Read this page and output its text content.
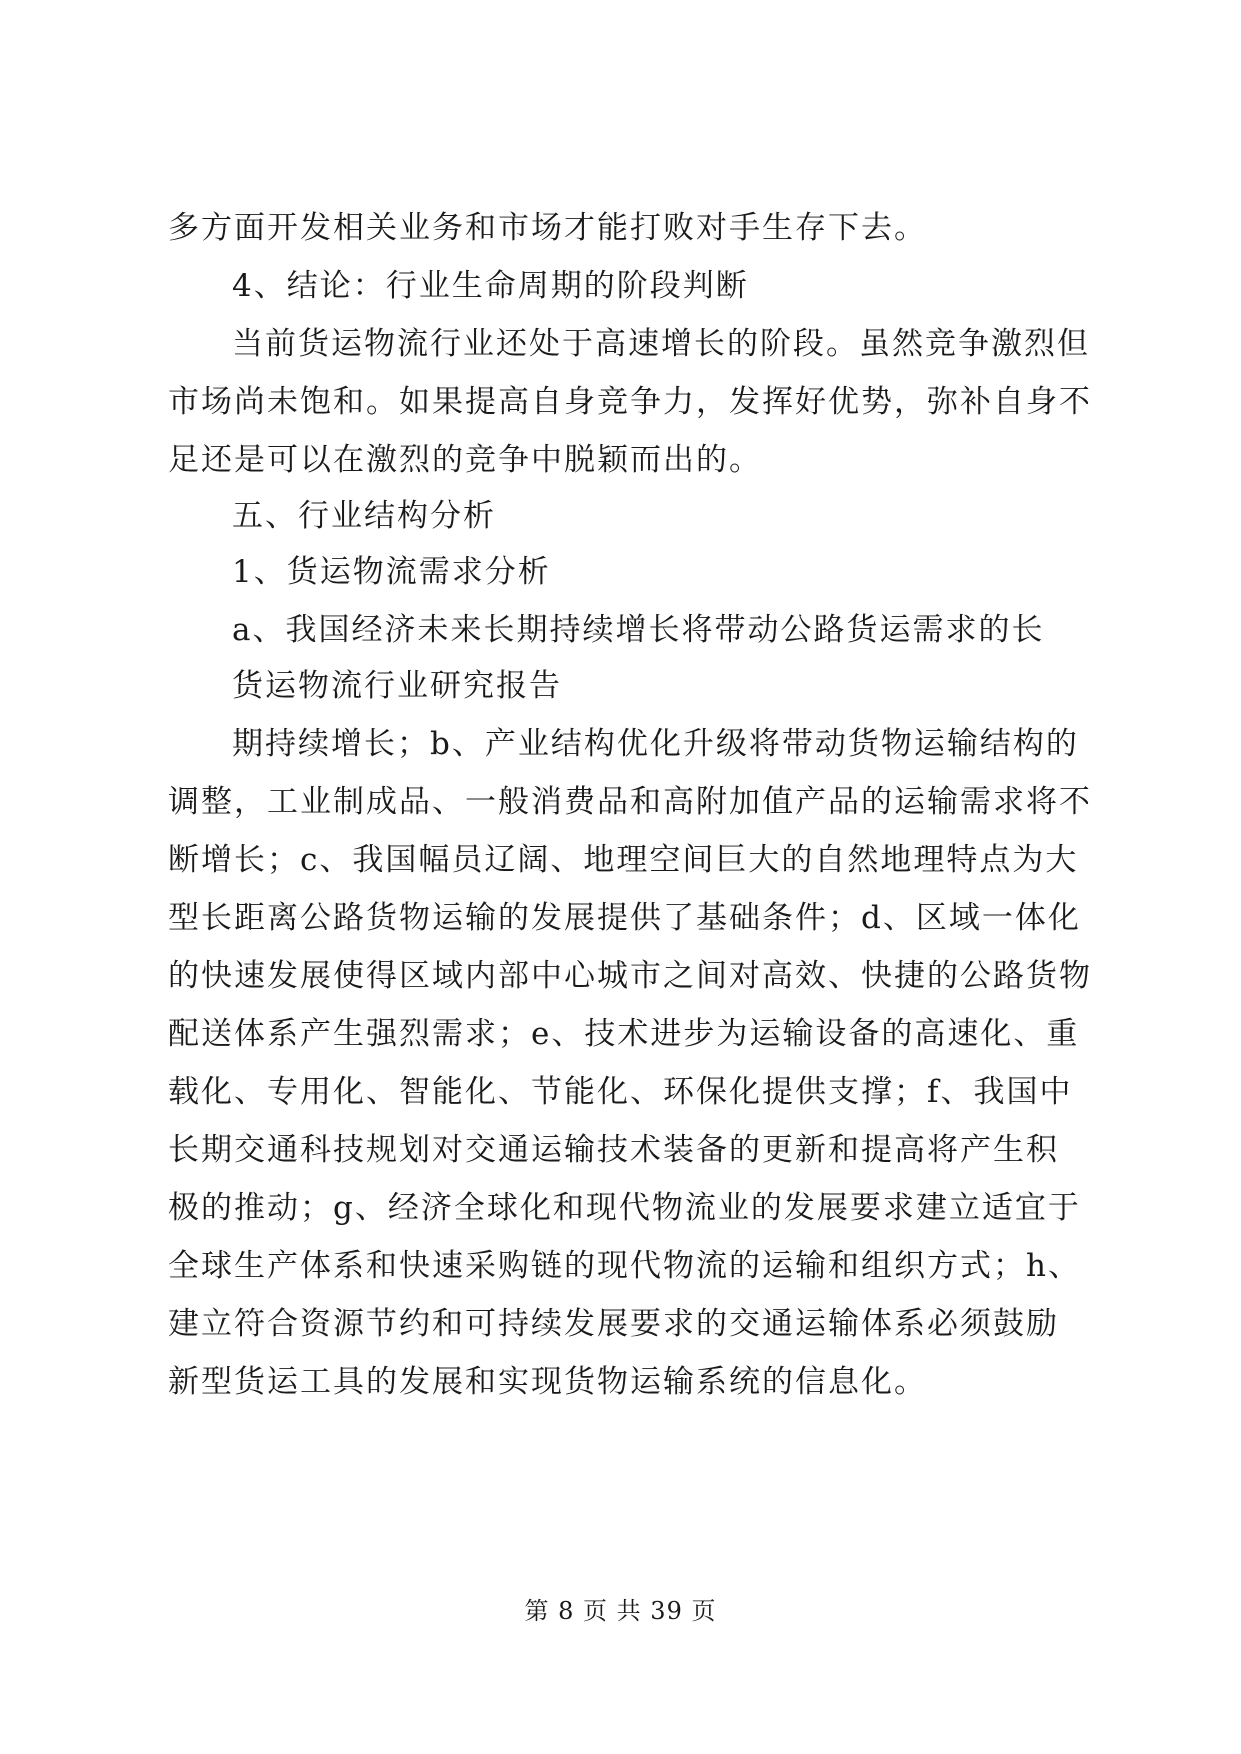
多方面开发相关业务和市场才能打败对手生存下去。
4、结论：行业生命周期的阶段判断
当前货运物流行业还处于高速增长的阶段。虽然竞争激烈但
市场尚未饱和。如果提高自身竞争力，发挥好优势，弥补自身不
足还是可以在激烈的竞争中脱颖而出的。
五、行业结构分析
1、货运物流需求分析
a、我国经济未来长期持续增长将带动公路货运需求的长
货运物流行业研究报告
期持续增长；b、产业结构优化升级将带动货物运输结构的
调整，工业制成品、一般消费品和高附加值产品的运输需求将不
断增长；c、我国幅员辽阔、地理空间巨大的自然地理特点为大
型长距离公路货物运输的发展提供了基础条件；d、区域一体化
的快速发展使得区域内部中心城市之间对高效、快捷的公路货物
配送体系产生强烈需求；e、技术进步为运输设备的高速化、重
载化、专用化、智能化、节能化、环保化提供支撑；f、我国中
长期交通科技规划对交通运输技术装备的更新和提高将产生积
极的推动；g、经济全球化和现代物流业的发展要求建立适宜于
全球生产体系和快速采购链的现代物流的运输和组织方式；h、
建立符合资源节约和可持续发展要求的交通运输体系必须鼓励
新型货运工具的发展和实现货物运输系统的信息化。
第 8 页 共 39 页
